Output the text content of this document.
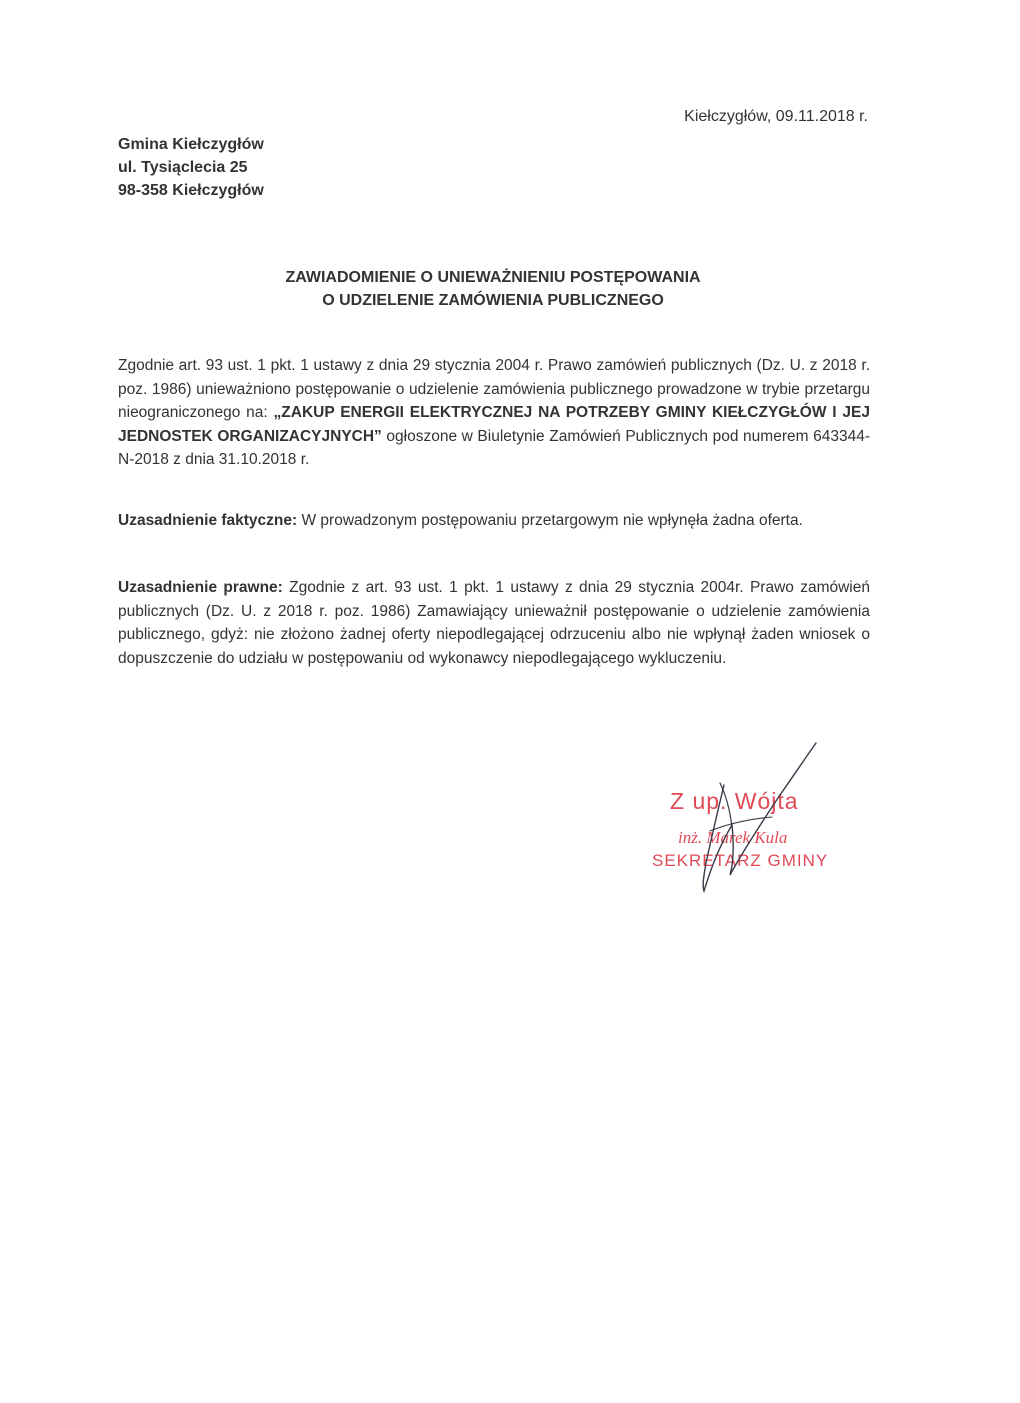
Kiełczygłów, 09.11.2018 r.
Gmina Kiełczygłów
ul. Tysiąclecia 25
98-358 Kiełczygłów
ZAWIADOMIENIE O UNIEWAŻNIENIU POSTĘPOWANIA
O UDZIELENIE ZAMÓWIENIA PUBLICZNEGO
Zgodnie art. 93 ust. 1 pkt. 1 ustawy z dnia 29 stycznia 2004 r. Prawo zamówień publicznych (Dz. U. z 2018 r. poz. 1986) unieważniono postępowanie o udzielenie zamówienia publicznego prowadzone w trybie przetargu nieograniczonego na: „ZAKUP ENERGII ELEKTRYCZNEJ NA POTRZEBY GMINY KIEŁCZYGŁÓW I JEJ JEDNOSTEK ORGANIZACYJNYCH” ogłoszone w Biuletynie Zamówień Publicznych pod numerem 643344-N-2018 z dnia 31.10.2018 r.
Uzasadnienie faktyczne: W prowadzonym postępowaniu przetargowym nie wpłynęła żadna oferta.
Uzasadnienie prawne: Zgodnie z art. 93 ust. 1 pkt. 1 ustawy z dnia 29 stycznia 2004r. Prawo zamówień publicznych (Dz. U. z 2018 r. poz. 1986) Zamawiający unieważnił postępowanie o udzielenie zamówienia publicznego, gdyż: nie złożono żadnej oferty niepodlegającej odrzuceniu albo nie wpłynął żaden wniosek o dopuszczenie do udziału w postępowaniu od wykonawcy niepodlegającego wykluczeniu.
Z up. Wójta
inż. Marek Kula
SEKRETARZ GMINY
